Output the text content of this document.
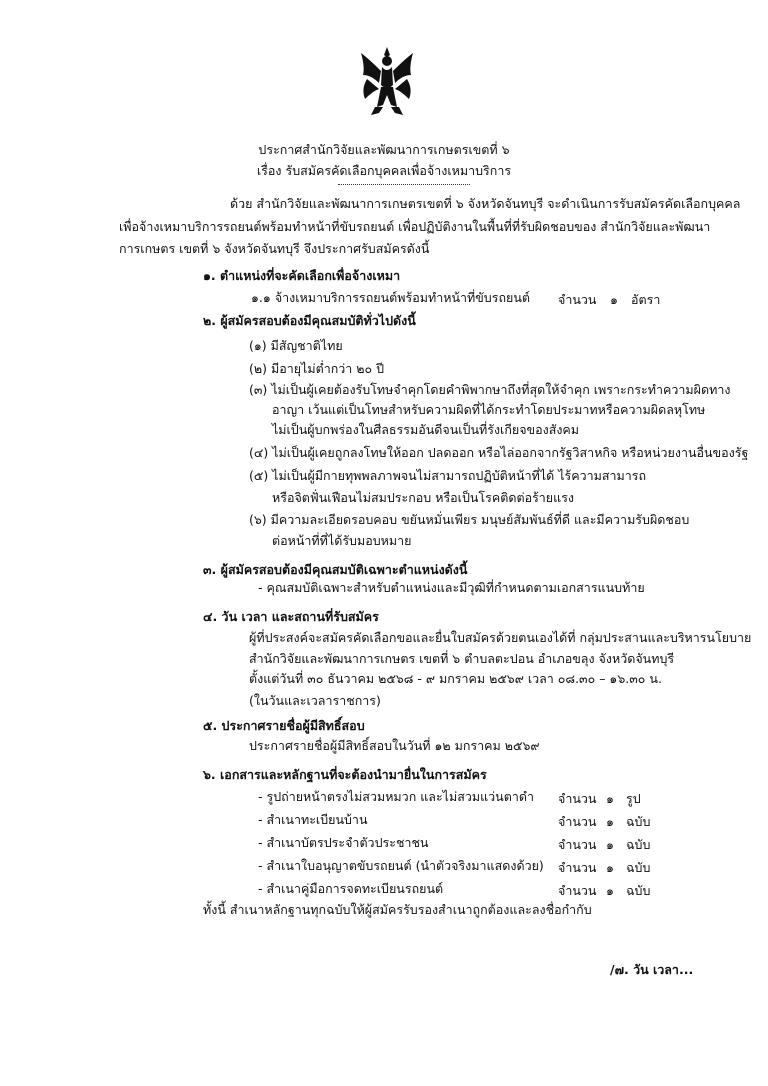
ประกาศสำนักวิจัยและพัฒนาการเกษตรเขตที่ ๖
เรื่อง รับสมัครคัดเลือกบุคคลเพื่อจ้างเหมาบริการ
ด้วย สำนักวิจัยและพัฒนาการเกษตรเขตที่ ๖ จังหวัดจันทบุรี จะดำเนินการรับสมัครคัดเลือกบุคคล
เพื่อจ้างเหมาบริการรถยนต์พร้อมทำหน้าที่ขับรถยนต์ เพื่อปฏิบัติงานในพื้นที่ที่รับผิดชอบของ สำนักวิจัยและพัฒนา
การเกษตร เขตที่ ๖ จังหวัดจันทบุรี จึงประกาศรับสมัครดังนี้
๑. ตำแหน่งที่จะคัดเลือกเพื่อจ้างเหมา
๑.๑ จ้างเหมาบริการรถยนต์พร้อมทำหน้าที่ขับรถยนต์ จำนวน ๑ อัตรา
๒. ผู้สมัครสอบต้องมีคุณสมบัติทั่วไปดังนี้
(๑) มีสัญชาติไทย
(๒) มีอายุไม่ต่ำกว่า ๒๐ ปี
(๓) ไม่เป็นผู้เคยต้องรับโทษจำคุกโดยคำพิพากษาถึงที่สุดให้จำคุก เพราะกระทำความผิดทาง
อาญา เว้นแต่เป็นโทษสำหรับความผิดที่ได้กระทำโดยประมาทหรือความผิดลหุโทษ
ไม่เป็นผู้บกพร่องในศีลธรรมอันดีจนเป็นที่รังเกียจของสังคม
(๔) ไม่เป็นผู้เคยถูกลงโทษให้ออก ปลดออก หรือไล่ออกจากรัฐวิสาหกิจ หรือหน่วยงานอื่นของรัฐ
(๕) ไม่เป็นผู้มีกายทุพพลภาพจนไม่สามารถปฏิบัติหน้าที่ได้ ไร้ความสามารถ
หรือจิตฟั่นเฟือนไม่สมประกอบ หรือเป็นโรคติดต่อร้ายแรง
(๖) มีความละเอียดรอบคอบ ขยันหมั่นเพียร มนุษย์สัมพันธ์ที่ดี และมีความรับผิดชอบ
ต่อหน้าที่ที่ได้รับมอบหมาย
๓. ผู้สมัครสอบต้องมีคุณสมบัติเฉพาะตำแหน่งดังนี้
- คุณสมบัติเฉพาะสำหรับตำแหน่งและมีวุฒิที่กำหนดตามเอกสารแนบท้าย
๔. วัน เวลา และสถานที่รับสมัคร
ผู้ที่ประสงค์จะสมัครคัดเลือกขอและยื่นใบสมัครด้วยตนเองได้ที่ กลุ่มประสานและบริหารนโยบาย
สำนักวิจัยและพัฒนาการเกษตร เขตที่ ๖ ตำบลตะปอน อำเภอขลุง จังหวัดจันทบุรี
ตั้งแต่วันที่ ๓๐ ธันวาคม ๒๕๖๘ - ๙ มกราคม ๒๕๖๙ เวลา ๐๘.๓๐ – ๑๖.๓๐ น.
(ในวันและเวลาราชการ)
๕. ประกาศรายชื่อผู้มีสิทธิ์สอบ
ประกาศรายชื่อผู้มีสิทธิ์สอบในวันที่ ๑๒ มกราคม ๒๕๖๙
๖. เอกสารและหลักฐานที่จะต้องนำมายื่นในการสมัคร
- รูปถ่ายหน้าตรงไม่สวมหมวก และไม่สวมแว่นตาดำ จำนวน ๑ รูป
- สำเนาทะเบียนบ้าน	จำนวน ๑ ฉบับ
- สำเนาบัตรประจำตัวประชาชน	จำนวน ๑ ฉบับ
- สำเนาใบอนุญาตขับรถยนต์ (นำตัวจริงมาแสดงด้วย) จำนวน ๑ ฉบับ
- สำเนาคู่มือการจดทะเบียนรถยนต์	จำนวน ๑ ฉบับ
ทั้งนี้ สำเนาหลักฐานทุกฉบับให้ผู้สมัครรับรองสำเนาถูกต้องและลงชื่อกำกับ
/๗. วัน เวลา...
